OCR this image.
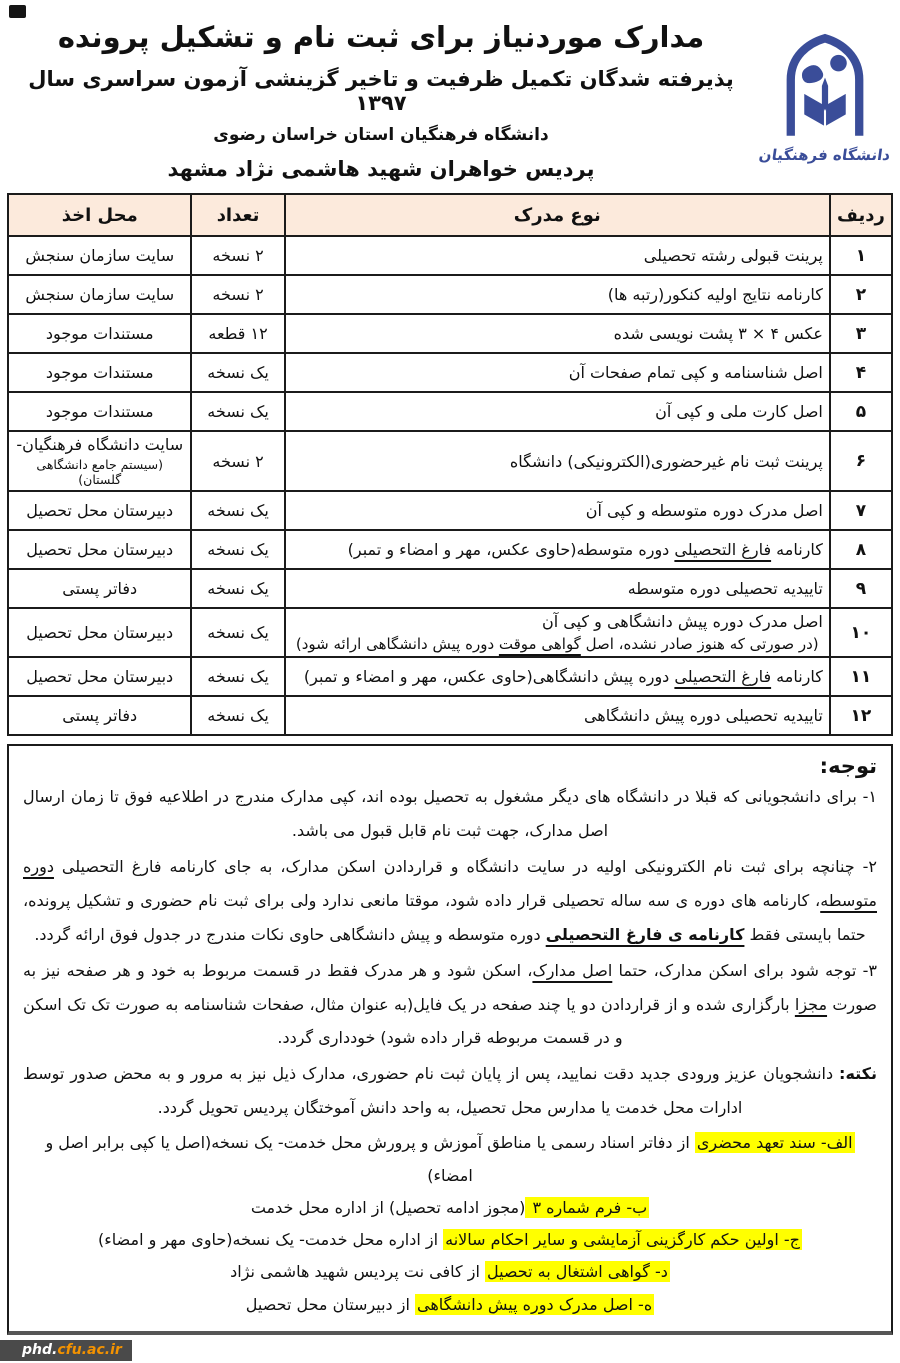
دانشگاه فرهنگیان
مدارک موردنیاز برای ثبت نام و تشکیل پرونده
پذیرفته شدگان تکمیل ظرفیت و تاخیر گزینشی آزمون سراسری سال ۱۳۹۷
دانشگاه فرهنگیان استان خراسان رضوی
پردیس خواهران شهید هاشمی نژاد مشهد
ردیف	نوع مدرک	تعداد	محل اخذ
۱	پرینت قبولی رشته تحصیلی	۲ نسخه	سایت سازمان سنجش

۲	کارنامه نتایج اولیه کنکور(رتبه ها)	۲ نسخه	سایت سازمان سنجش

۳	عکس ۴ × ۳ پشت نویسی شده	۱۲ قطعه	مستندات موجود

۴	اصل شناسنامه و کپی تمام صفحات آن	یک نسخه	مستندات موجود

۵	اصل کارت ملی و کپی آن	یک نسخه	مستندات موجود

۶	پرینت ثبت نام غیرحضوری(الکترونیکی) دانشگاه	۲ نسخه	سایت دانشگاه فرهنگیان-
(سیستم جامع دانشگاهی گلستان)

۷	اصل مدرک دوره متوسطه و کپی آن	یک نسخه	دبیرستان محل تحصیل

۸	کارنامه فارغ التحصیلی دوره متوسطه(حاوی عکس، مهر و امضاء و تمبر)	یک نسخه	دبیرستان محل تحصیل

۹	تاییدیه تحصیلی دوره متوسطه	یک نسخه	دفاتر پستی

۱۰	اصل مدرک دوره پیش دانشگاهی و کپی آن
(در صورتی که هنوز صادر نشده، اصل گواهی موقت دوره پیش دانشگاهی ارائه شود)	یک نسخه	دبیرستان محل تحصیل

۱۱	کارنامه فارغ التحصیلی دوره پیش دانشگاهی(حاوی عکس، مهر و امضاء و تمبر)	یک نسخه	دبیرستان محل تحصیل

۱۲	تاییدیه تحصیلی دوره پیش دانشگاهی	یک نسخه	دفاتر پستی
توجه:
۱- برای دانشجویانی که قبلا در دانشگاه های دیگر مشغول به تحصیل بوده اند، کپی مدارک مندرج در اطلاعیه فوق تا زمان ارسال اصل مدارک، جهت ثبت نام قابل قبول می باشد.
۲- چنانچه برای ثبت نام الکترونیکی اولیه در سایت دانشگاه و قراردادن اسکن مدارک، به جای کارنامه فارغ التحصیلی دوره متوسطه، کارنامه های دوره ی سه ساله تحصیلی قرار داده شود، موقتا مانعی ندارد ولی برای ثبت نام حضوری و تشکیل پرونده، حتما بایستی فقط کارنامه ی فارغ التحصیلی دوره متوسطه و پیش دانشگاهی حاوی نکات مندرج در جدول فوق ارائه گردد.
۳- توجه شود برای اسکن مدارک، حتما اصل مدارک، اسکن شود و هر مدرک فقط در قسمت مربوط به خود و هر صفحه نیز به صورت مجزا بارگزاری شده و از قراردادن دو یا چند صفحه در یک فایل(به عنوان مثال، صفحات شناسنامه به صورت تک تک اسکن و در قسمت مربوطه قرار داده شود) خودداری گردد.
نکته: دانشجویان عزیز ورودی جدید دقت نمایید، پس از پایان ثبت نام حضوری، مدارک ذیل نیز به مرور و به محض صدور توسط ادارات محل خدمت یا مدارس محل تحصیل، به واحد دانش آموختگان پردیس تحویل گردد.
الف- سند تعهد محضری از دفاتر اسناد رسمی یا مناطق آموزش و پرورش محل خدمت- یک نسخه(اصل یا کپی برابر اصل و امضاء)
ب- فرم شماره ۳ (مجوز ادامه تحصیل) از اداره محل خدمت
ج- اولین حکم کارگزینی آزمایشی و سایر احکام سالانه از اداره محل خدمت- یک نسخه(حاوی مهر و امضاء)
د- گواهی اشتغال به تحصیل از کافی نت پردیس شهید هاشمی نژاد
ه- اصل مدرک دوره پیش دانشگاهی از دبیرستان محل تحصیل
phd.cfu.ac.ir
